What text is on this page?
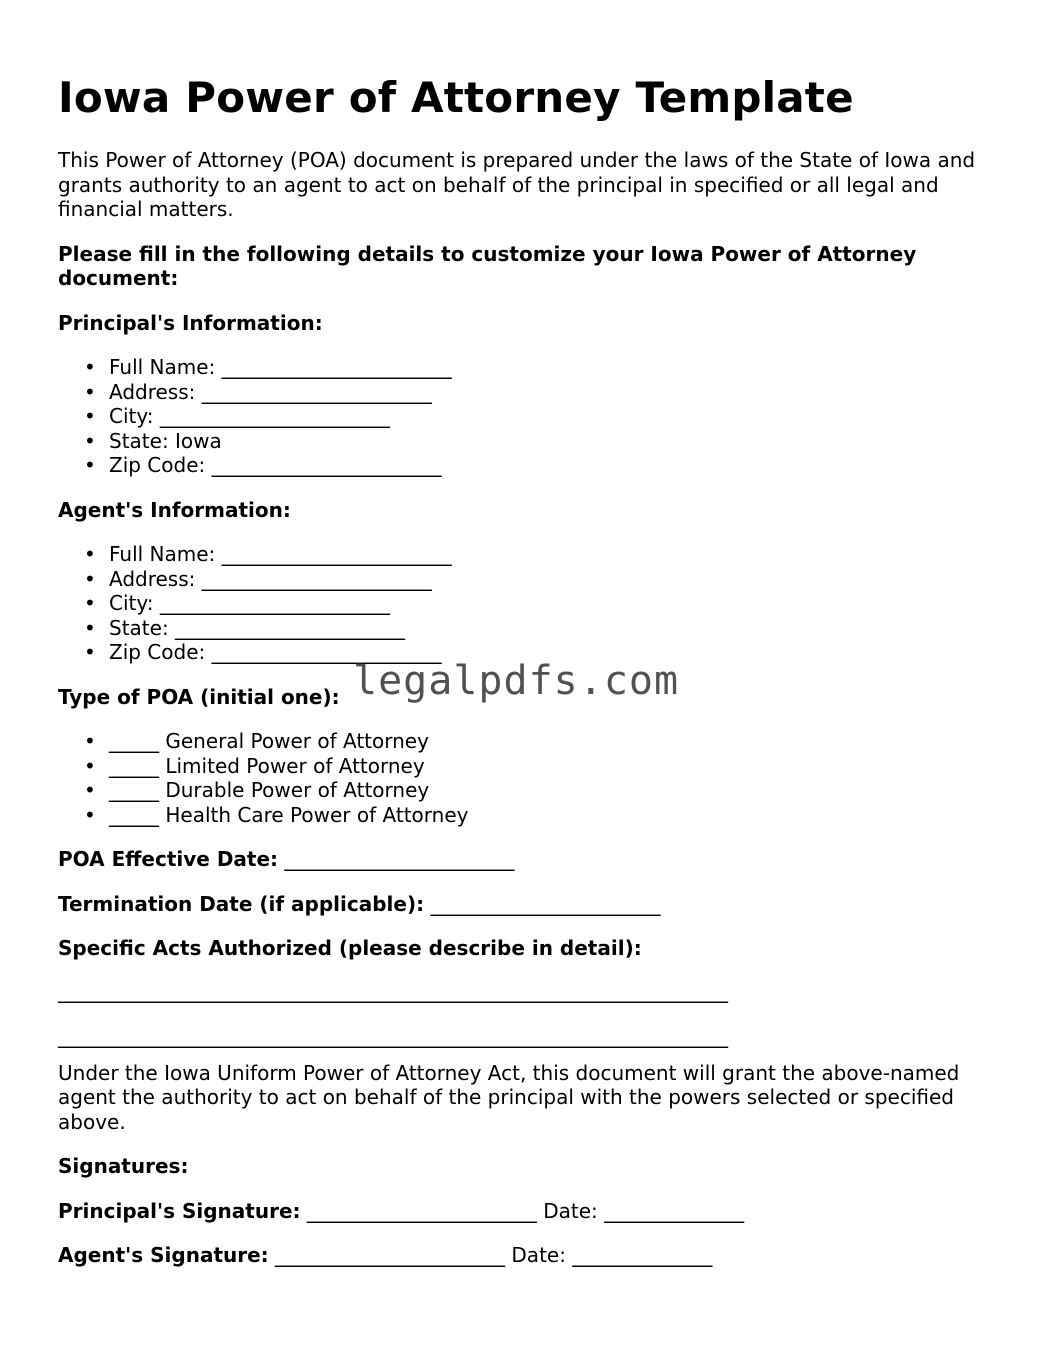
Iowa Power of Attorney Template

This Power of Attorney (POA) document is prepared under the laws of the State of Iowa and grants authority to an agent to act on behalf of the principal in specified or all legal and financial matters.

Please fill in the following details to customize your Iowa Power of Attorney document:

Principal's Information:

• Full Name: _______________________
• Address: _______________________
• City: _______________________
• State: Iowa
• Zip Code: _______________________

Agent's Information:

• Full Name: _______________________
• Address: _______________________
• City: _______________________
• State: _______________________
• Zip Code: _______________________

Type of POA (initial one):

• _____ General Power of Attorney
• _____ Limited Power of Attorney
• _____ Durable Power of Attorney
• _____ Health Care Power of Attorney

POA Effective Date: _______________________

Termination Date (if applicable): _______________________

Specific Acts Authorized (please describe in detail):

___________________________________________________________________
___________________________________________________________________

Under the Iowa Uniform Power of Attorney Act, this document will grant the above-named agent the authority to act on behalf of the principal with the powers selected or specified above.

Signatures:

Principal's Signature: _______________________ Date: ______________

Agent's Signature: _______________________ Date: ______________

legalpdfs.com
